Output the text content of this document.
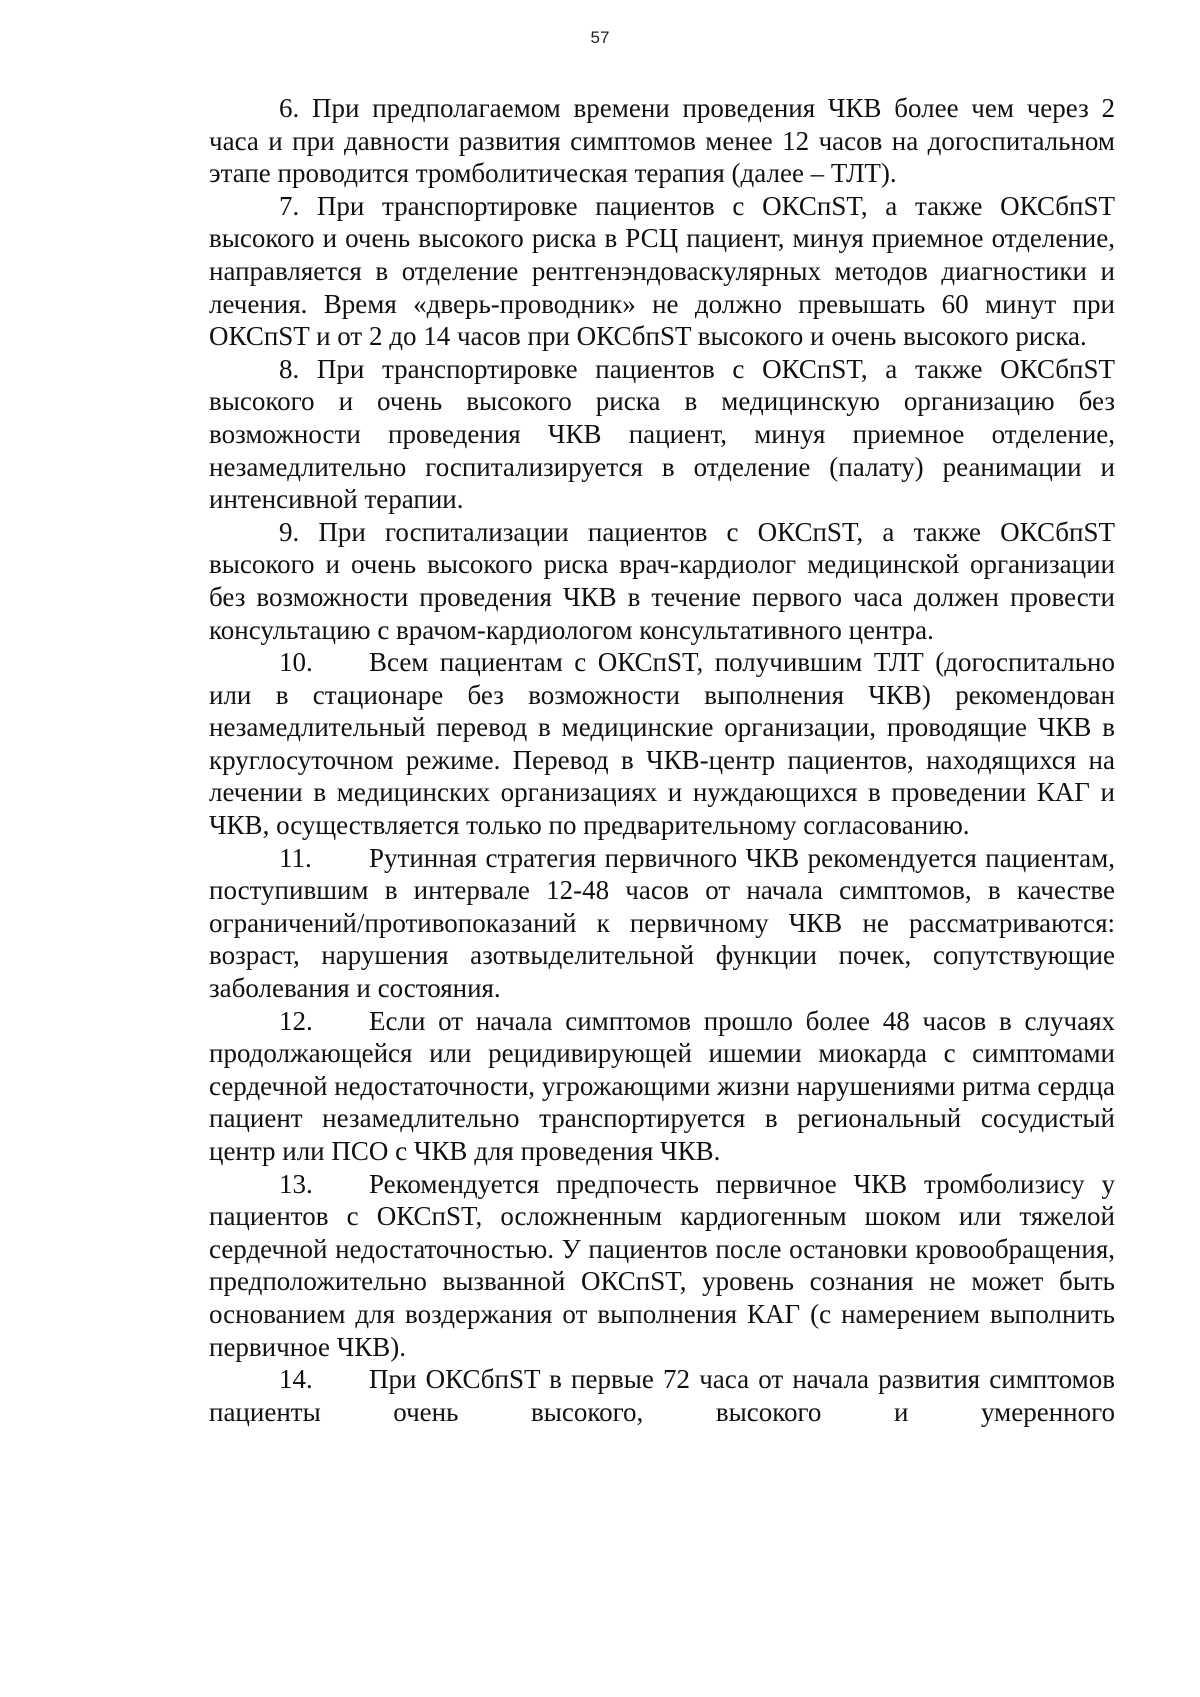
57

6. При предполагаемом времени проведения ЧКВ более чем через 2 часа и при давности развития симптомов менее 12 часов на догоспитальном этапе проводится тромболитическая терапия (далее – ТЛТ).

7. При транспортировке пациентов с ОКСпST, а также ОКСбпST высокого и очень высокого риска в РСЦ пациент, минуя приемное отделение, направляется в отделение рентгенэндоваскулярных методов диагностики и лечения. Время «дверь-проводник» не должно превышать 60 минут при ОКСпST и от 2 до 14 часов при ОКСбпST высокого и очень высокого риска.

8. При транспортировке пациентов с ОКСпST, а также ОКСбпST высокого и очень высокого риска в медицинскую организацию без возможности проведения ЧКВ пациент, минуя приемное отделение, незамедлительно госпитализируется в отделение (палату) реанимации и интенсивной терапии.

9. При госпитализации пациентов с ОКСпST, а также ОКСбпST высокого и очень высокого риска врач-кардиолог медицинской организации без возможности проведения ЧКВ в течение первого часа должен провести консультацию с врачом-кардиологом консультативного центра.

10. Всем пациентам с ОКСпST, получившим ТЛТ (догоспитально или в стационаре без возможности выполнения ЧКВ) рекомендован незамедлительный перевод в медицинские организации, проводящие ЧКВ в круглосуточном режиме. Перевод в ЧКВ-центр пациентов, находящихся на лечении в медицинских организациях и нуждающихся в проведении КАГ и ЧКВ, осуществляется только по предварительному согласованию.

11. Рутинная стратегия первичного ЧКВ рекомендуется пациентам, поступившим в интервале 12-48 часов от начала симптомов, в качестве ограничений/противопоказаний к первичному ЧКВ не рассматриваются: возраст, нарушения азотвыделительной функции почек, сопутствующие заболевания и состояния.

12. Если от начала симптомов прошло более 48 часов в случаях продолжающейся или рецидивирующей ишемии миокарда с симптомами сердечной недостаточности, угрожающими жизни нарушениями ритма сердца пациент незамедлительно транспортируется в региональный сосудистый центр или ПСО с ЧКВ для проведения ЧКВ.

13. Рекомендуется предпочесть первичное ЧКВ тромболизису у пациентов с ОКСпST, осложненным кардиогенным шоком или тяжелой сердечной недостаточностью. У пациентов после остановки кровообращения, предположительно вызванной ОКСпST, уровень сознания не может быть основанием для воздержания от выполнения КАГ (с намерением выполнить первичное ЧКВ).

14. При ОКСбпST в первые 72 часа от начала развития симптомов пациенты очень высокого, высокого и умеренного
